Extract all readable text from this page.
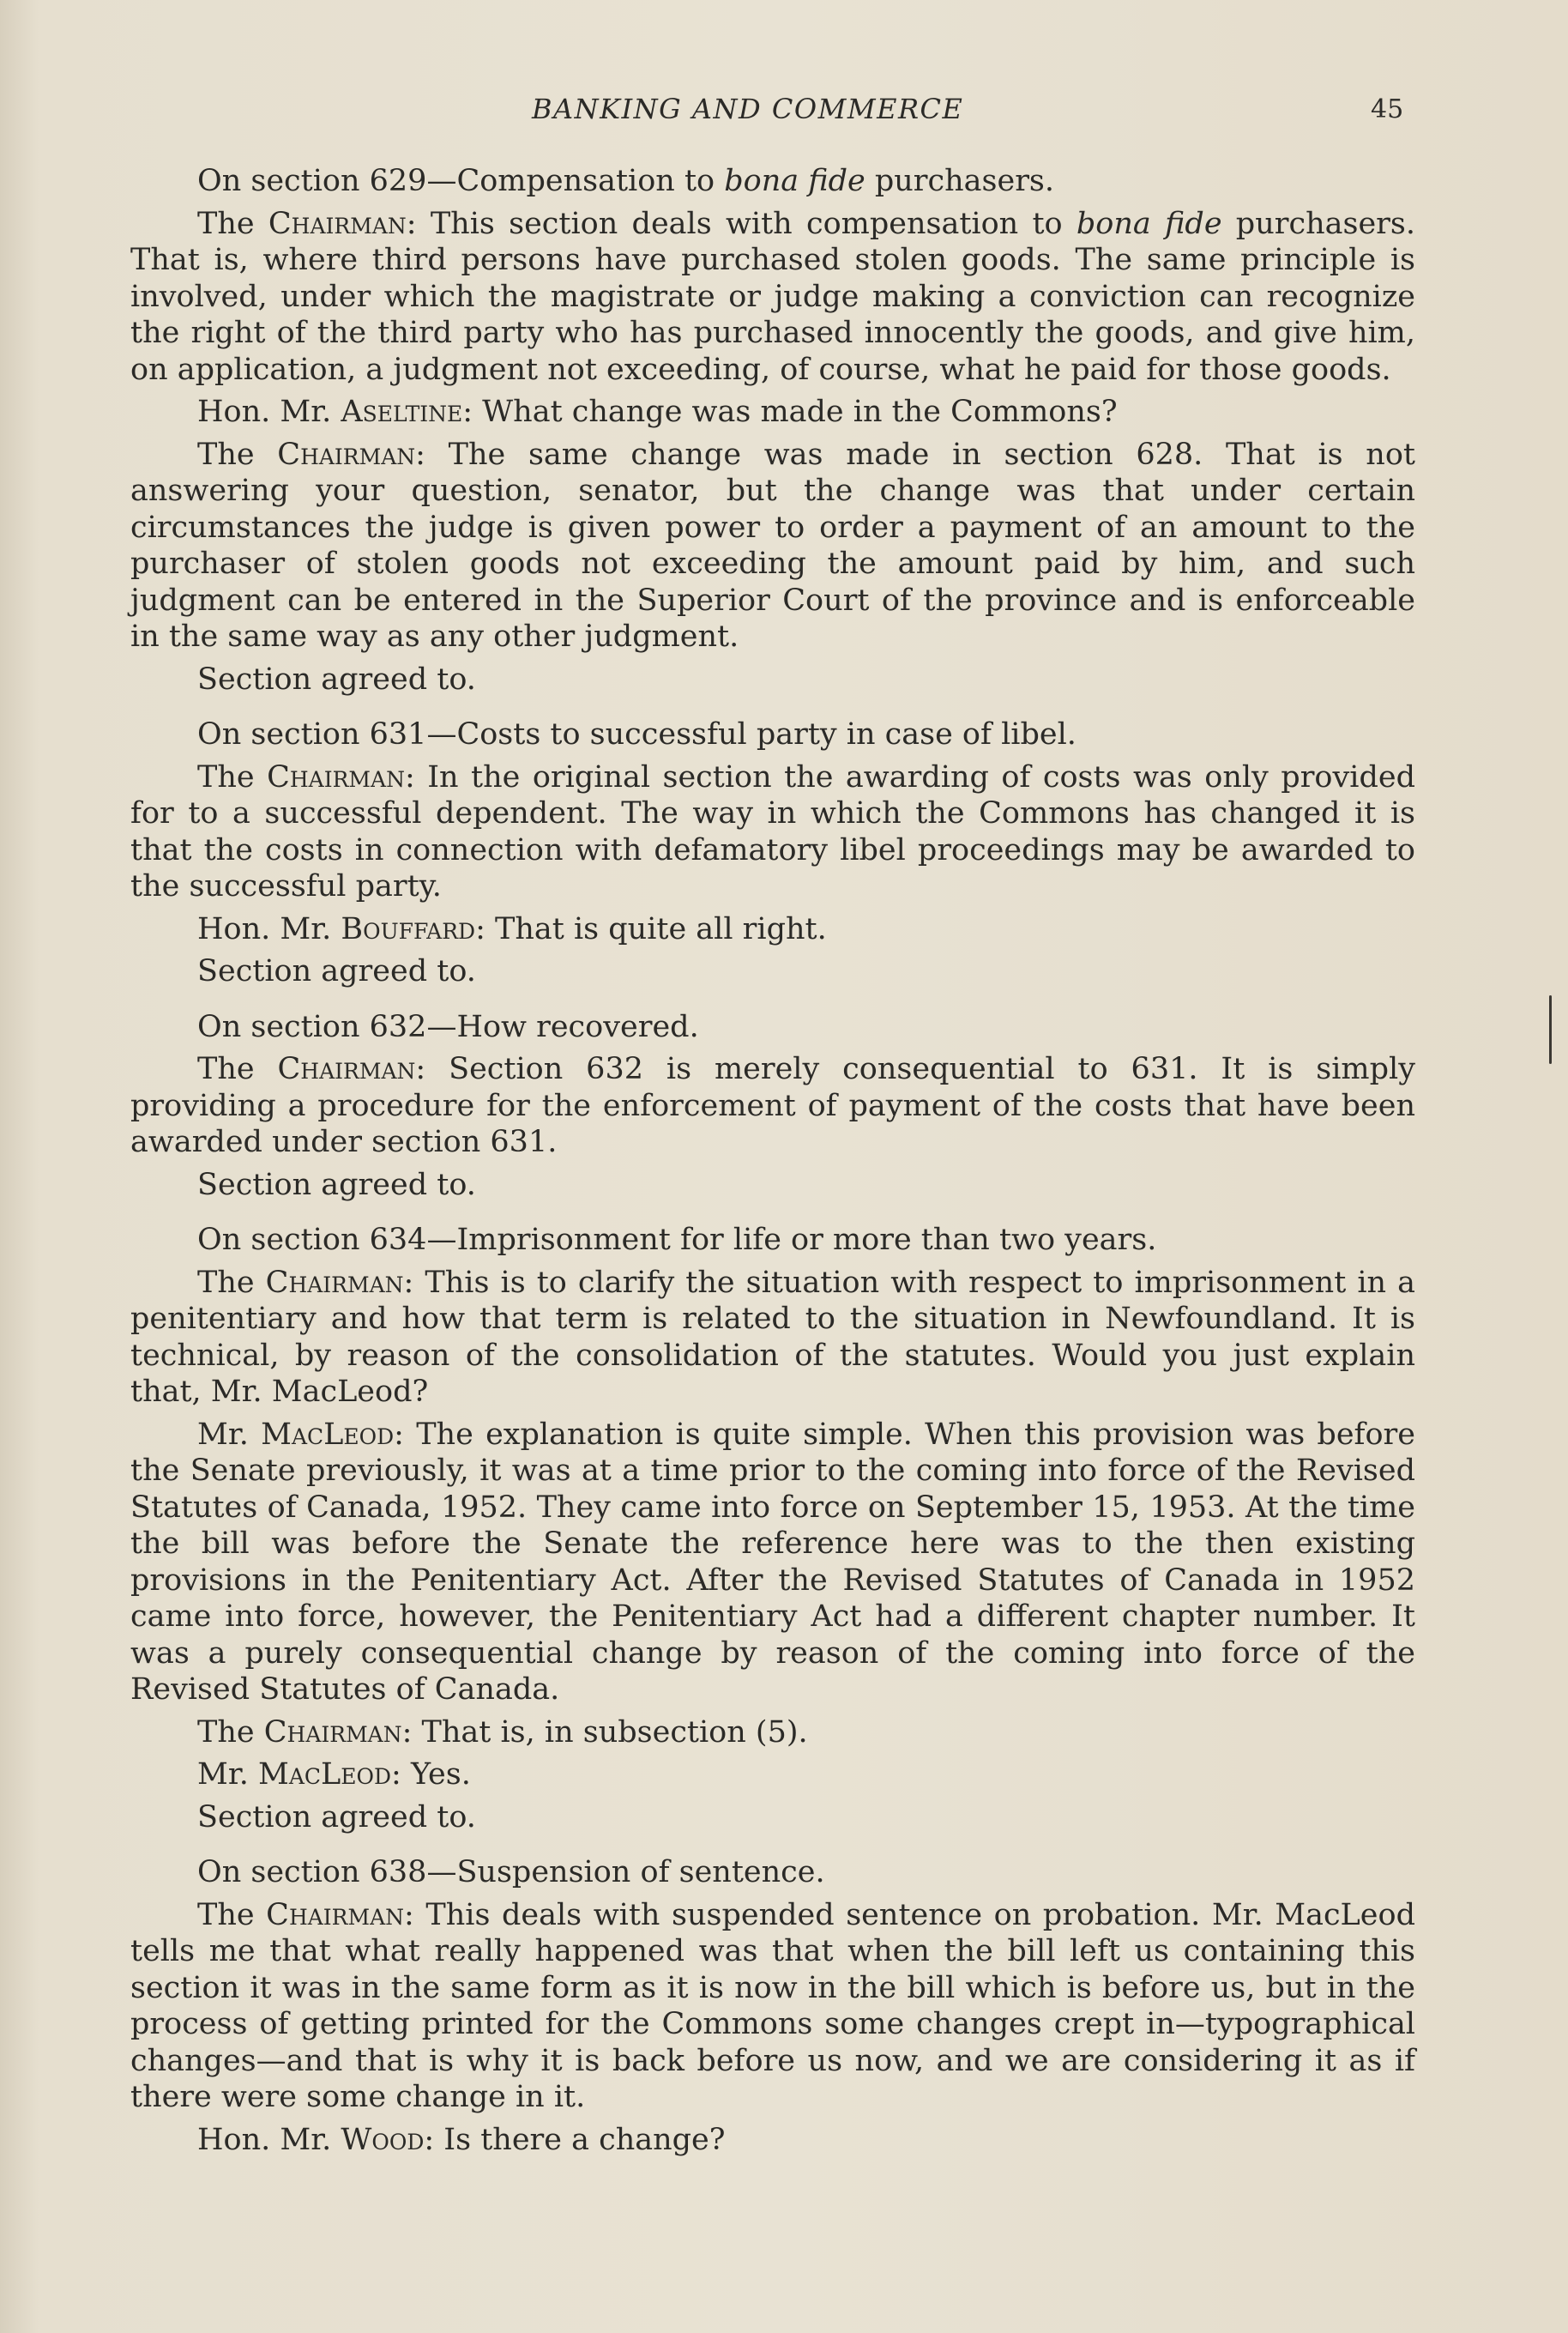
BANKING AND COMMERCE	45

On section 629—Compensation to bona fide purchasers.

The Chairman: This section deals with compensation to bona fide purchasers. That is, where third persons have purchased stolen goods. The same principle is involved, under which the magistrate or judge making a conviction can recognize the right of the third party who has purchased innocently the goods, and give him, on application, a judgment not exceeding, of course, what he paid for those goods.

Hon. Mr. Aseltine: What change was made in the Commons?

The Chairman: The same change was made in section 628. That is not answering your question, senator, but the change was that under certain circumstances the judge is given power to order a payment of an amount to the purchaser of stolen goods not exceeding the amount paid by him, and such judgment can be entered in the Superior Court of the province and is enforceable in the same way as any other judgment.

Section agreed to.

On section 631—Costs to successful party in case of libel.

The Chairman: In the original section the awarding of costs was only provided for to a successful dependent. The way in which the Commons has changed it is that the costs in connection with defamatory libel proceedings may be awarded to the successful party.

Hon. Mr. Bouffard: That is quite all right.

Section agreed to.

On section 632—How recovered.

The Chairman: Section 632 is merely consequential to 631. It is simply providing a procedure for the enforcement of payment of the costs that have been awarded under section 631.

Section agreed to.

On section 634—Imprisonment for life or more than two years.

The Chairman: This is to clarify the situation with respect to imprisonment in a penitentiary and how that term is related to the situation in Newfoundland. It is technical, by reason of the consolidation of the statutes. Would you just explain that, Mr. MacLeod?

Mr. MacLeod: The explanation is quite simple. When this provision was before the Senate previously, it was at a time prior to the coming into force of the Revised Statutes of Canada, 1952. They came into force on September 15, 1953. At the time the bill was before the Senate the reference here was to the then existing provisions in the Penitentiary Act. After the Revised Statutes of Canada in 1952 came into force, however, the Penitentiary Act had a different chapter number. It was a purely consequential change by reason of the coming into force of the Revised Statutes of Canada.

The Chairman: That is, in subsection (5).

Mr. MacLeod: Yes.

Section agreed to.

On section 638—Suspension of sentence.

The Chairman: This deals with suspended sentence on probation. Mr. MacLeod tells me that what really happened was that when the bill left us containing this section it was in the same form as it is now in the bill which is before us, but in the process of getting printed for the Commons some changes crept in—typographical changes—and that is why it is back before us now, and we are considering it as if there were some change in it.

Hon. Mr. Wood: Is there a change?
